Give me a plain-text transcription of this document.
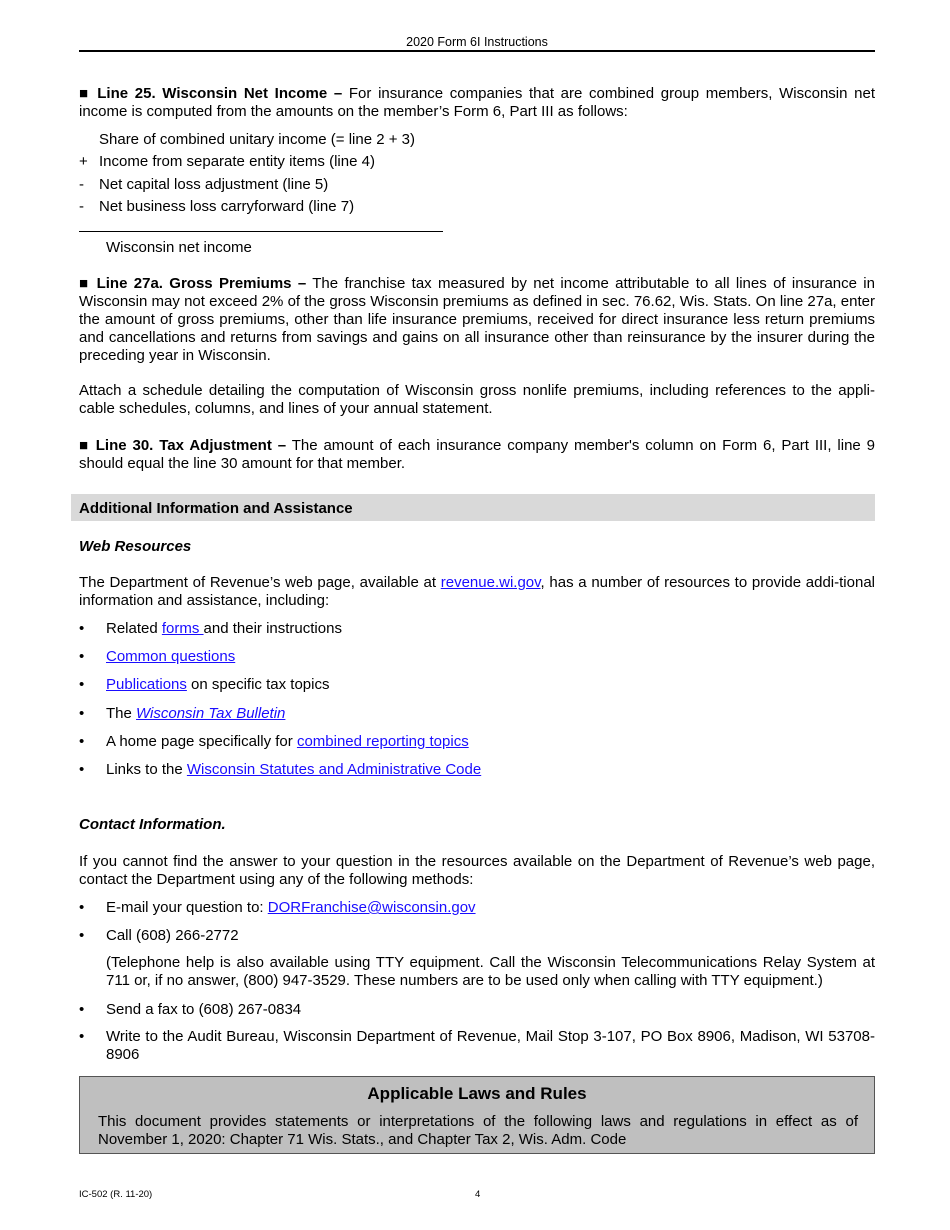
2020 Form 6I Instructions
■ Line 25. Wisconsin Net Income – For insurance companies that are combined group members, Wisconsin net income is computed from the amounts on the member’s Form 6, Part III as follows:
Share of combined unitary income (= line 2 + 3)
+ Income from separate entity items (line 4)
-	Net capital loss adjustment (line 5)
-	Net business loss carryforward (line 7)
Wisconsin net income
■ Line 27a. Gross Premiums – The franchise tax measured by net income attributable to all lines of insurance in Wisconsin may not exceed 2% of the gross Wisconsin premiums as defined in sec. 76.62, Wis. Stats. On line 27a, enter the amount of gross premiums, other than life insurance premiums, received for direct insurance less return premiums and cancellations and returns from savings and gains on all insurance other than reinsurance by the insurer during the preceding year in Wisconsin.
Attach a schedule detailing the computation of Wisconsin gross nonlife premiums, including references to the appli-cable schedules, columns, and lines of your annual statement.
■ Line 30. Tax Adjustment – The amount of each insurance company member's column on Form 6, Part III, line 9 should equal the line 30 amount for that member.
Additional Information and Assistance
Web Resources
The Department of Revenue’s web page, available at revenue.wi.gov, has a number of resources to provide addi-tional information and assistance, including:
•	Related forms and their instructions
•	Common questions
•	Publications on specific tax topics
•	The Wisconsin Tax Bulletin
•	A home page specifically for combined reporting topics
•	Links to the Wisconsin Statutes and Administrative Code
Contact Information.
If you cannot find the answer to your question in the resources available on the Department of Revenue’s web page, contact the Department using any of the following methods:
•	E-mail your question to: DORFranchise@wisconsin.gov
•	Call (608) 266-2772
(Telephone help is also available using TTY equipment. Call the Wisconsin Telecommunications Relay System at 711 or, if no answer, (800) 947-3529. These numbers are to be used only when calling with TTY equipment.)
•	Send a fax to (608) 267-0834
•	Write to the Audit Bureau, Wisconsin Department of Revenue, Mail Stop 3-107, PO Box 8906, Madison, WI 53708-8906
Applicable Laws and Rules
This document provides statements or interpretations of the following laws and regulations in effect as of November 1, 2020: Chapter 71 Wis. Stats., and Chapter Tax 2, Wis. Adm. Code
IC-502 (R. 11-20)	4
